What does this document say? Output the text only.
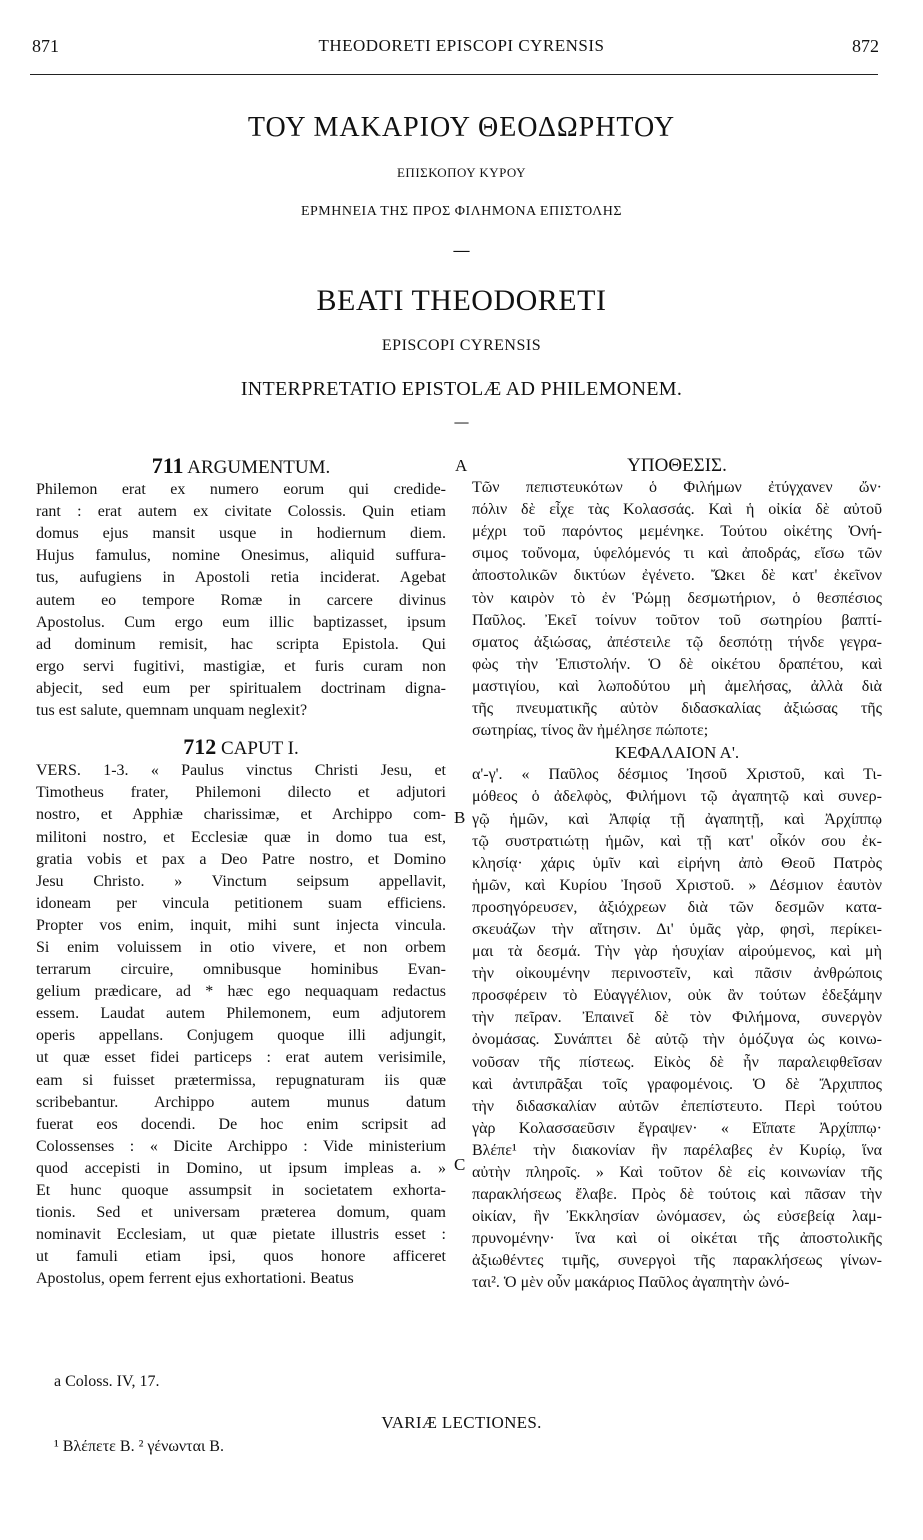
871	THEODORETI EPISCOPI CYRENSIS	872
ΤΟΥ ΜΑΚΑΡΙΟΥ ΘΕΟΔΩΡΗΤΟΥ
ΕΠΙΣΚΟΠΟΥ ΚΥΡΟΥ
ΕΡΜΗΝΕΙΑ ΤΗΣ ΠΡΟΣ ΦΙΛΗΜΟΝΑ ΕΠΙΣΤΟΛΗΣ
—
BEATI THEODORETI
EPISCOPI CYRENSIS
INTERPRETATIO EPISTOLÆ AD PHILEMONEM.
—
711 ARGUMENTUM.
Philemon erat ex numero eorum qui credide-
rant : erat autem ex civitate Colossis. Quin etiam
domus ejus mansit usque in hodiernum diem.
Hujus famulus, nomine Onesimus, aliquid suffura-
tus, aufugiens in Apostoli retia inciderat. Agebat
autem eo tempore Romæ in carcere divinus
Apostolus. Cum ergo eum illic baptizasset, ipsum
ad dominum remisit, hac scripta Epistola. Qui
ergo servi fugitivi, mastigiæ, et furis curam non
abjecit, sed eum per spiritualem doctrinam digna-
tus est salute, quemnam unquam neglexit?
712 CAPUT I.
VERS. 1-3. « Paulus vinctus Christi Jesu, et
Timotheus frater, Philemoni dilecto et adjutori
nostro, et Apphiæ charissimæ, et Archippo com-
militoni nostro, et Ecclesiæ quæ in domo tua est,
gratia vobis et pax a Deo Patre nostro, et Domino
Jesu Christo. » Vinctum seipsum appellavit,
idoneam per vincula petitionem suam efficiens.
Propter vos enim, inquit, mihi sunt injecta vincula.
Si enim voluissem in otio vivere, et non orbem
terrarum circuire, omnibusque hominibus Evan-
gelium prædicare, ad * hæc ego nequaquam redactus
essem. Laudat autem Philemonem, eum adjutorem
operis appellans. Conjugem quoque illi adjungit,
ut quæ esset fidei particeps : erat autem verisimile,
eam si fuisset prætermissa, repugnaturam iis quæ
scribebantur. Archippo autem munus datum
fuerat eos docendi. De hoc enim scripsit ad
Colossenses : « Dicite Archippo : Vide ministerium
quod accepisti in Domino, ut ipsum impleas a. »
Et hunc quoque assumpsit in societatem exhorta-
tionis. Sed et universam præterea domum, quam
nominavit Ecclesiam, ut quæ pietate illustris esset :
ut famuli etiam ipsi, quos honore afficeret
Apostolus, opem ferrent ejus exhortationi. Beatus
A
B
C
ΥΠΟΘΕΣΙΣ.
Τῶν πεπιστευκότων ὁ Φιλήμων ἐτύγχανεν ὤν·
πόλιν δὲ εἶχε τὰς Κολασσάς. Καὶ ἡ οἰκία δὲ αὐτοῦ
μέχρι τοῦ παρόντος μεμένηκε. Τούτου οἰκέτης Ὀνή-
σιμος τοὔνομα, ὑφελόμενός τι καὶ ἀποδράς, εἴσω τῶν
ἀποστολικῶν δικτύων ἐγένετο. Ὤκει δὲ κατ' ἐκεῖνον
τὸν καιρὸν τὸ ἐν Ῥώμῃ δεσμωτήριον, ὁ θεσπέσιος
Παῦλος. Ἐκεῖ τοίνυν τοῦτον τοῦ σωτηρίου βαπτί-
σματος ἀξιώσας, ἀπέστειλε τῷ δεσπότῃ τήνδε γεγρα-
φὼς τὴν Ἐπιστολήν. Ὁ δὲ οἰκέτου δραπέτου, καὶ
μαστιγίου, καὶ λωποδύτου μὴ ἀμελήσας, ἀλλὰ διὰ
τῆς πνευματικῆς αὐτὸν διδασκαλίας ἀξιώσας τῆς
σωτηρίας, τίνος ἂν ἠμέλησε πώποτε;
ΚΕΦΑΛΑΙΟΝ Α'.
α'-γ'. « Παῦλος δέσμιος Ἰησοῦ Χριστοῦ, καὶ Τι-
μόθεος ὁ ἀδελφὸς, Φιλήμονι τῷ ἀγαπητῷ καὶ συνερ-
γῷ ἡμῶν, καὶ Ἀπφίᾳ τῇ ἀγαπητῇ, καὶ Ἀρχίππῳ
τῷ συστρατιώτῃ ἡμῶν, καὶ τῇ κατ' οἶκόν σου ἐκ-
κλησίᾳ· χάρις ὑμῖν καὶ εἰρήνη ἀπὸ Θεοῦ Πατρὸς
ἡμῶν, καὶ Κυρίου Ἰησοῦ Χριστοῦ. » Δέσμιον ἑαυτὸν
προσηγόρευσεν, ἀξιόχρεων διὰ τῶν δεσμῶν κατα-
σκευάζων τὴν αἴτησιν. Δι' ὑμᾶς γὰρ, φησὶ, περίκει-
μαι τὰ δεσμά. Τὴν γὰρ ἡσυχίαν αἱρούμενος, καὶ μὴ
τὴν οἰκουμένην περινοστεῖν, καὶ πᾶσιν ἀνθρώποις
προσφέρειν τὸ Εὐαγγέλιον, οὐκ ἂν τούτων ἐδεξάμην
τὴν πεῖραν. Ἐπαινεῖ δὲ τὸν Φιλήμονα, συνεργὸν
ὀνομάσας. Συνάπτει δὲ αὐτῷ τὴν ὁμόζυγα ὡς κοινω-
νοῦσαν τῆς πίστεως. Εἰκὸς δὲ ἦν παραλειφθεῖσαν
καὶ ἀντιπρᾶξαι τοῖς γραφομένοις. Ὁ δὲ Ἄρχιππος
τὴν διδασκαλίαν αὐτῶν ἐπεπίστευτο. Περὶ τούτου
γὰρ Κολασσαεῦσιν ἔγραψεν· « Εἴπατε Ἀρχίππῳ·
Βλέπε¹ τὴν διακονίαν ἣν παρέλαβες ἐν Κυρίῳ, ἵνα
αὐτὴν πληροῖς. » Καὶ τοῦτον δὲ εἰς κοινωνίαν τῆς
παρακλήσεως ἔλαβε. Πρὸς δὲ τούτοις καὶ πᾶσαν τὴν
οἰκίαν, ἣν Ἐκκλησίαν ὠνόμασεν, ὡς εὐσεβείᾳ λαμ-
πρυνομένην· ἵνα καὶ οἱ οἰκέται τῆς ἀποστολικῆς
ἀξιωθέντες τιμῆς, συνεργοὶ τῆς παρακλήσεως γίνων-
ται². Ὁ μὲν οὖν μακάριος Παῦλος ἀγαπητὴν ὠνό-
a Coloss. IV, 17.
VARIÆ LECTIONES.
¹ Βλέπετε B. ² γένωνται B.
